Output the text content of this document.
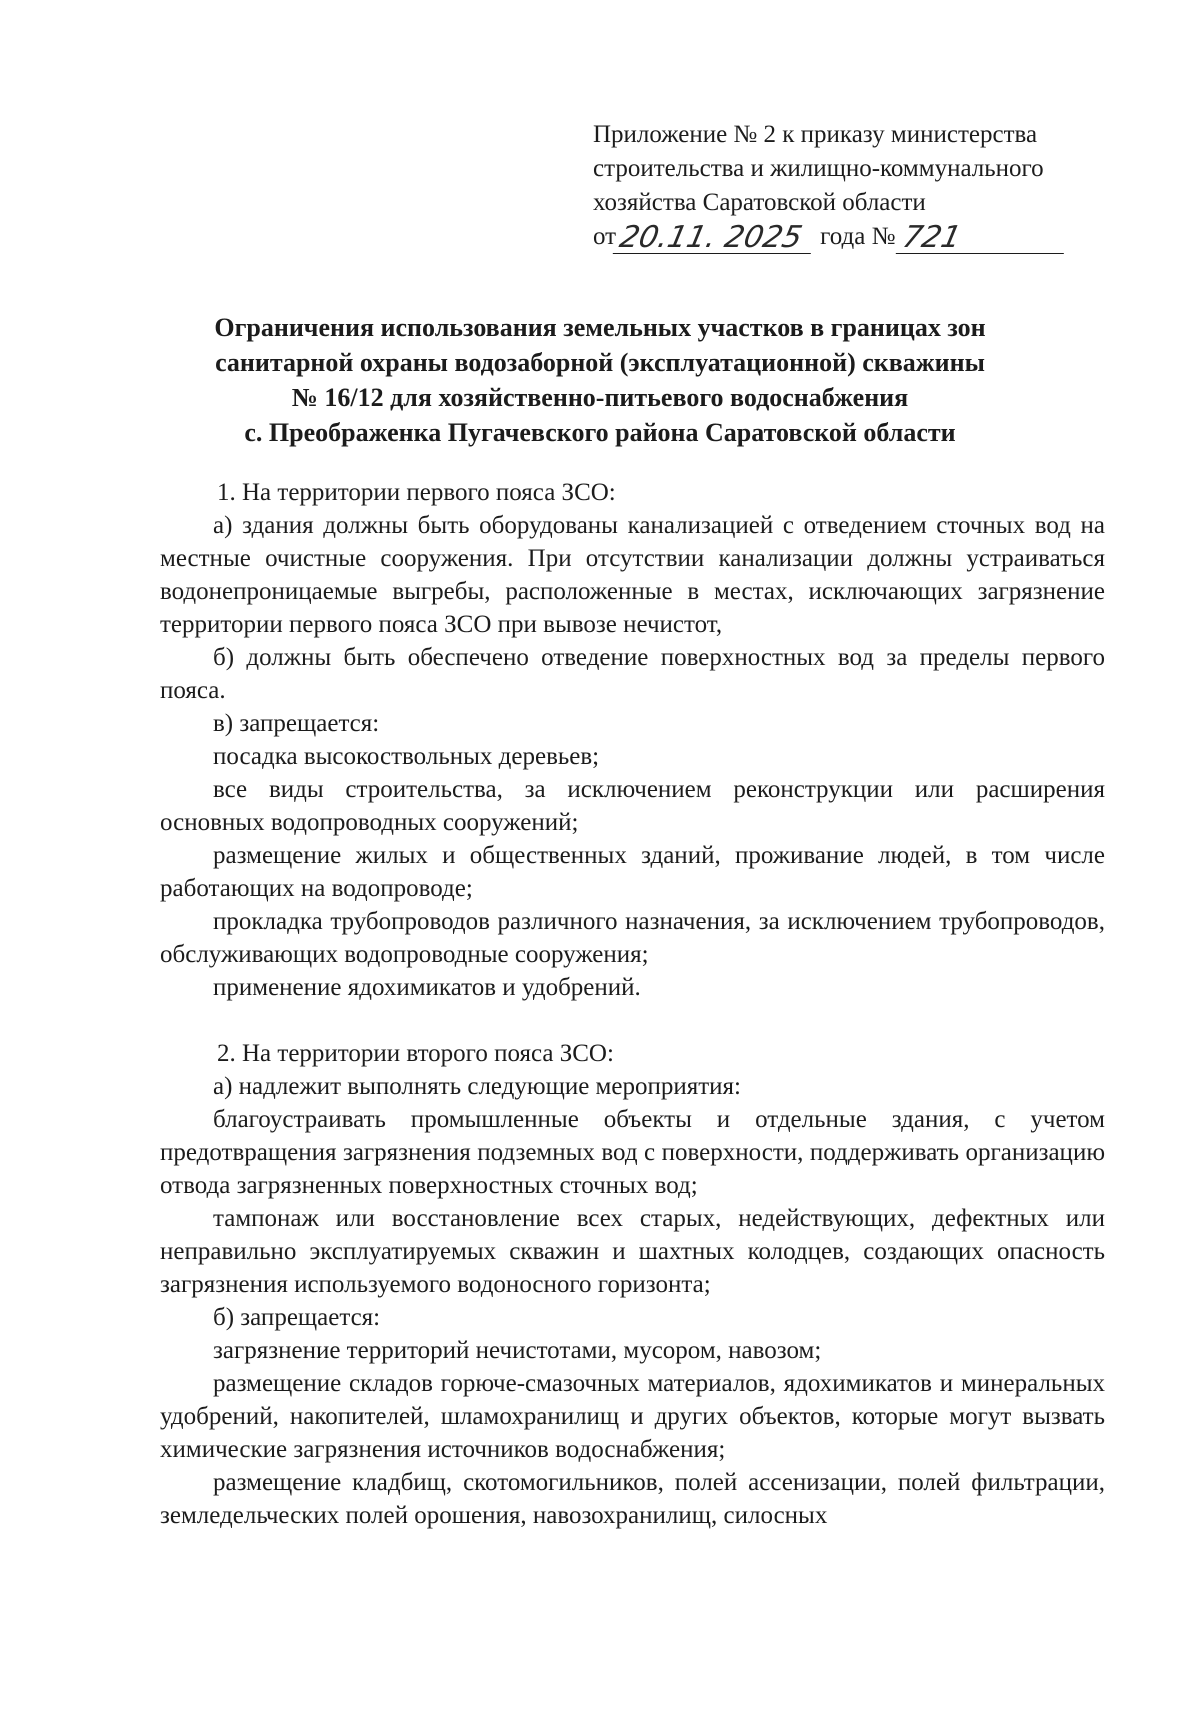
Приложение № 2 к приказу министерства
строительства и жилищно-коммунального
хозяйства Саратовской области
от 20.11. 2025 года № 721
Ограничения использования земельных участков в границах зон
санитарной охраны водозаборной (эксплуатационной) скважины
№ 16/12 для хозяйственно-питьевого водоснабжения
с. Преображенка Пугачевского района Саратовской области

1. На территории первого пояса ЗСО:

а) здания должны быть оборудованы канализацией с отведением сточных вод на местные очистные сооружения. При отсутствии канализации должны устраиваться водонепроницаемые выгребы, расположенные в местах, исключающих загрязнение территории первого пояса ЗСО при вывозе нечистот,

б) должны быть обеспечено отведение поверхностных вод за пределы первого пояса.

в) запрещается:

посадка высокоствольных деревьев;

все виды строительства, за исключением реконструкции или расширения основных водопроводных сооружений;

размещение жилых и общественных зданий, проживание людей, в том числе работающих на водопроводе;

прокладка трубопроводов различного назначения, за исключением трубопроводов, обслуживающих водопроводные сооружения;

применение ядохимикатов и удобрений.

2. На территории второго пояса ЗСО:

а) надлежит выполнять следующие мероприятия:

благоустраивать промышленные объекты и отдельные здания, с учетом предотвращения загрязнения подземных вод с поверхности, поддерживать организацию отвода загрязненных поверхностных сточных вод;

тампонаж или восстановление всех старых, недействующих, дефектных или неправильно эксплуатируемых скважин и шахтных колодцев, создающих опасность загрязнения используемого водоносного горизонта;

б) запрещается:

загрязнение территорий нечистотами, мусором, навозом;

размещение складов горюче-смазочных материалов, ядохимикатов и минеральных удобрений, накопителей, шламохранилищ и других объектов, которые могут вызвать химические загрязнения источников водоснабжения;

размещение кладбищ, скотомогильников, полей ассенизации, полей фильтрации, земледельческих полей орошения, навозохранилищ, силосных
